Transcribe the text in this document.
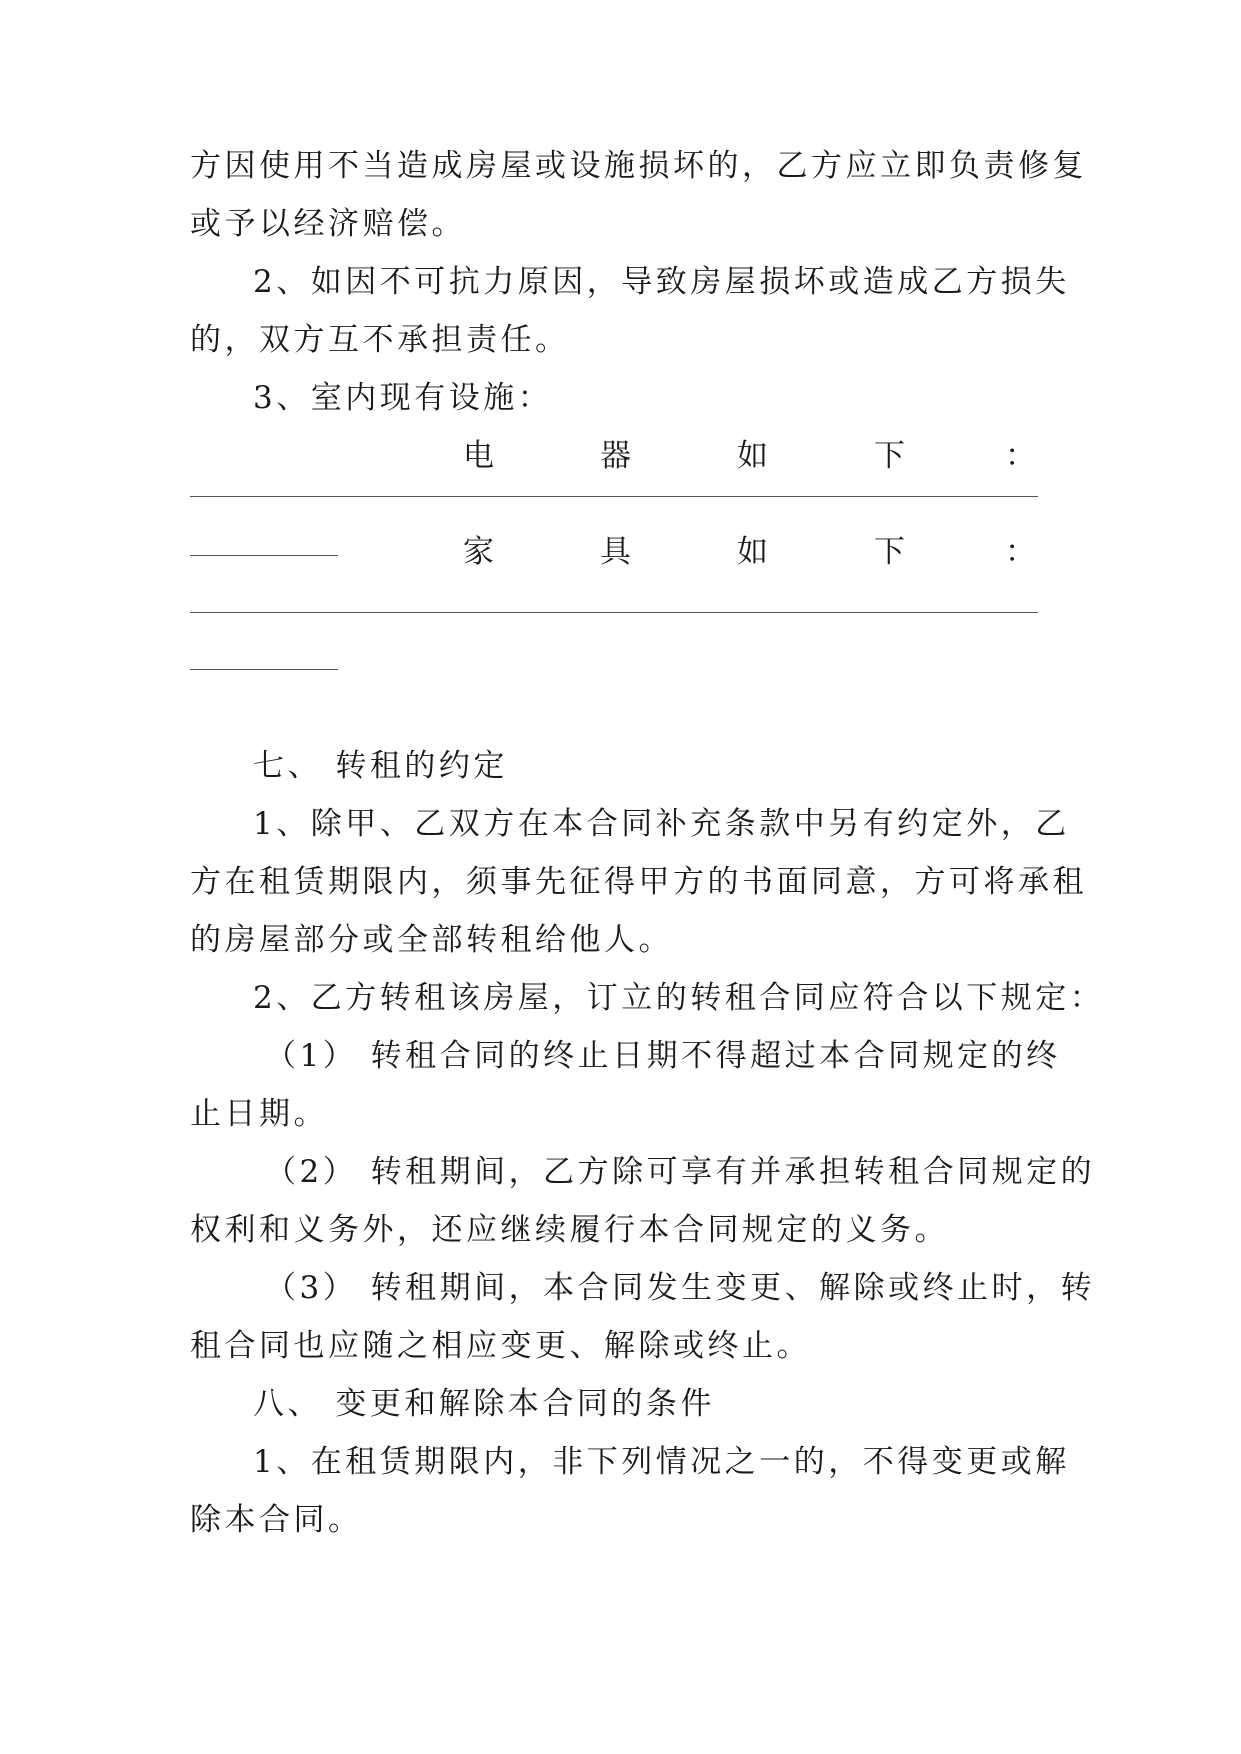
方因使用不当造成房屋或设施损坏的，乙方应立即负责修复
或予以经济赔偿。
2、如因不可抗力原因，导致房屋损坏或造成乙方损失
的，双方互不承担责任。
3、室内现有设施：
电	器	如	下	：
家	具	如	下	：
七、 转租的约定
1、除甲、乙双方在本合同补充条款中另有约定外，乙
方在租赁期限内，须事先征得甲方的书面同意，方可将承租
的房屋部分或全部转租给他人。
2、乙方转租该房屋，订立的转租合同应符合以下规定：
（1） 转租合同的终止日期不得超过本合同规定的终
止日期。
（2） 转租期间，乙方除可享有并承担转租合同规定的
权利和义务外，还应继续履行本合同规定的义务。
（3） 转租期间，本合同发生变更、解除或终止时，转
租合同也应随之相应变更、解除或终止。
八、 变更和解除本合同的条件
1、在租赁期限内，非下列情况之一的，不得变更或解
除本合同。
